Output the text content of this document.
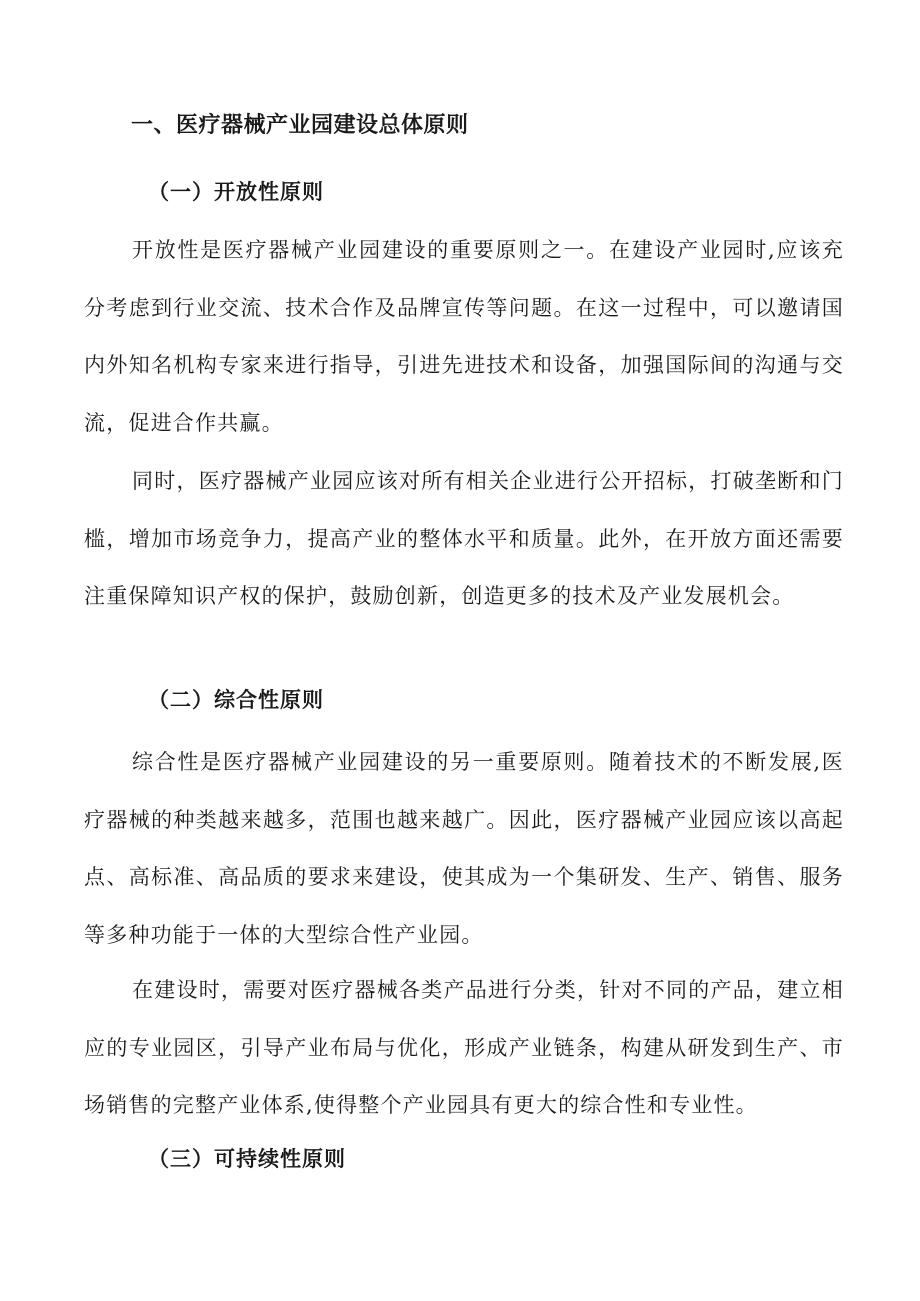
一、医疗器械产业园建设总体原则
（一）开放性原则

开放性是医疗器械产业园建设的重要原则之一。在建设产业园时,应该充分考虑到行业交流、技术合作及品牌宣传等问题。在这一过程中，可以邀请国内外知名机构专家来进行指导，引进先进技术和设备，加强国际间的沟通与交流，促进合作共赢。

同时，医疗器械产业园应该对所有相关企业进行公开招标，打破垄断和门槛，增加市场竞争力，提高产业的整体水平和质量。此外，在开放方面还需要注重保障知识产权的保护，鼓励创新，创造更多的技术及产业发展机会。

（二）综合性原则

综合性是医疗器械产业园建设的另一重要原则。随着技术的不断发展,医疗器械的种类越来越多，范围也越来越广。因此，医疗器械产业园应该以高起点、高标准、高品质的要求来建设，使其成为一个集研发、生产、销售、服务等多种功能于一体的大型综合性产业园。

在建设时，需要对医疗器械各类产品进行分类，针对不同的产品，建立相应的专业园区，引导产业布局与优化，形成产业链条，构建从研发到生产、市场销售的完整产业体系,使得整个产业园具有更大的综合性和专业性。

（三）可持续性原则
